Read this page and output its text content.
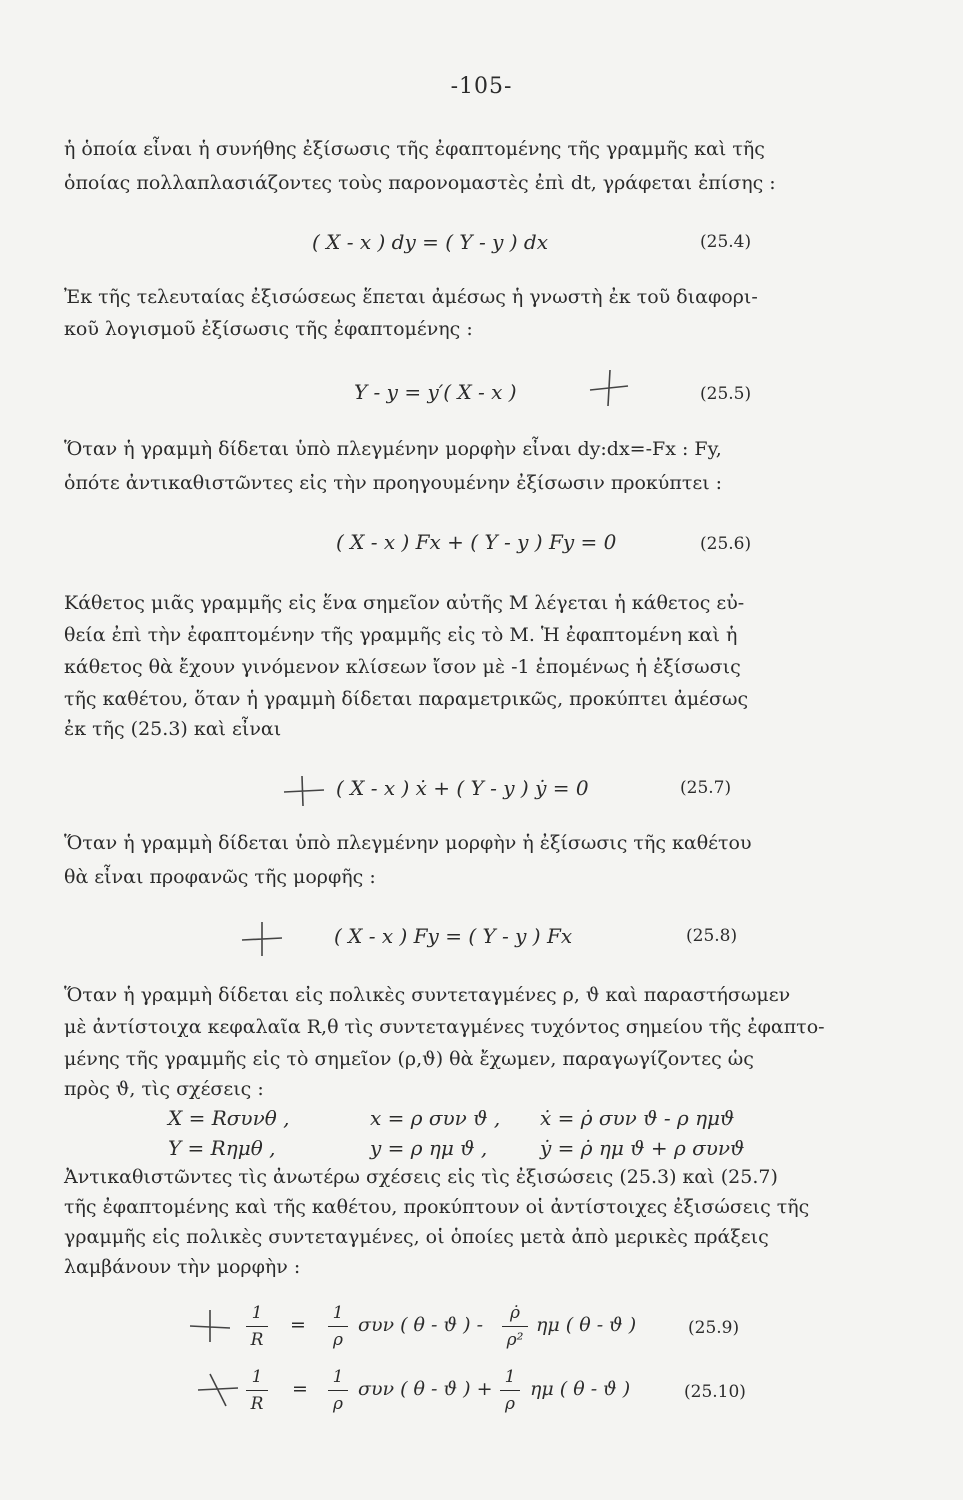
-105-
ἡ ὁποία εἶναι ἡ συνήθης ἐξίσωσις τῆς ἐφαπτομένης τῆς γραμμῆς καὶ τῆς
ὁποίας πολλαπλασιάζοντες τοὺς παρονομαστὲς ἐπὶ dt, γράφεται ἐπίσης :
( X - x ) dy = ( Y - y ) dx	(25.4)
Ἐκ τῆς τελευταίας ἐξισώσεως ἕπεται ἀμέσως ἡ γνωστὴ ἐκ τοῦ διαφορι-
κοῦ λογισμοῦ ἐξίσωσις τῆς ἐφαπτομένης :
Y - y = y′( X - x )	(25.5)
Ὅταν ἡ γραμμὴ δίδεται ὑπὸ πλεγμένην μορφὴν εἶναι dy:dx=-Fx : Fy,
ὁπότε ἀντικαθιστῶντες εἰς τὴν προηγουμένην ἐξίσωσιν προκύπτει :
( X - x ) Fx + ( Y - y ) Fy = 0	(25.6)
Κάθετος μιᾶς γραμμῆς εἰς ἕνα σημεῖον αὐτῆς Μ λέγεται ἡ κάθετος εὐ-
θεία ἐπὶ τὴν ἐφαπτομένην τῆς γραμμῆς εἰς τὸ Μ. Ἡ ἐφαπτομένη καὶ ἡ
κάθετος θὰ ἔχουν γινόμενον κλίσεων ἴσον μὲ -1 ἑπομένως ἡ ἐξίσωσις
τῆς καθέτου, ὅταν ἡ γραμμὴ δίδεται παραμετρικῶς, προκύπτει ἀμέσως
ἐκ τῆς (25.3) καὶ εἶναι
( X - x ) ẋ + ( Y - y ) ẏ = 0	(25.7)
Ὅταν ἡ γραμμὴ δίδεται ὑπὸ πλεγμένην μορφὴν ἡ ἐξίσωσις τῆς καθέτου
θὰ εἶναι προφανῶς τῆς μορφῆς :
( X - x ) Fy = ( Y - y ) Fx	(25.8)
Ὅταν ἡ γραμμὴ δίδεται εἰς πολικὲς συντεταγμένες ρ, ϑ καὶ παραστήσωμεν
μὲ ἀντίστοιχα κεφαλαῖα R,θ τὶς συντεταγμένες τυχόντος σημείου τῆς ἐφαπτο-
μένης τῆς γραμμῆς εἰς τὸ σημεῖον (ρ,ϑ) θὰ ἔχωμεν, παραγωγίζοντες ὡς
πρὸς ϑ, τὶς σχέσεις :
X = Rσυνθ ,	x = ρ συν ϑ , ẋ = ρ̇ συν ϑ - ρ ημϑ
Y = Rημθ ,	y = ρ ημ ϑ ,	ẏ = ρ̇ ημ ϑ + ρ συνϑ
Ἀντικαθιστῶντες τὶς ἀνωτέρω σχέσεις εἰς τὶς ἐξισώσεις (25.3) καὶ (25.7)
τῆς ἐφαπτομένης καὶ τῆς καθέτου, προκύπτουν οἱ ἀντίστοιχες ἐξισώσεις τῆς
γραμμῆς εἰς πολικὲς συντεταγμένες, οἱ ὁποίες μετὰ ἀπὸ μερικὲς πράξεις
λαμβάνουν τὴν μορφὴν :
1
R
=
1
ρ
συν ( θ - ϑ ) -
ρ̇
ρ²
ημ ( θ - ϑ )	(25.9)
1
R
=
1
ρ
συν ( θ - ϑ ) +
1
ρ
ημ ( θ - ϑ )	(25.10)
